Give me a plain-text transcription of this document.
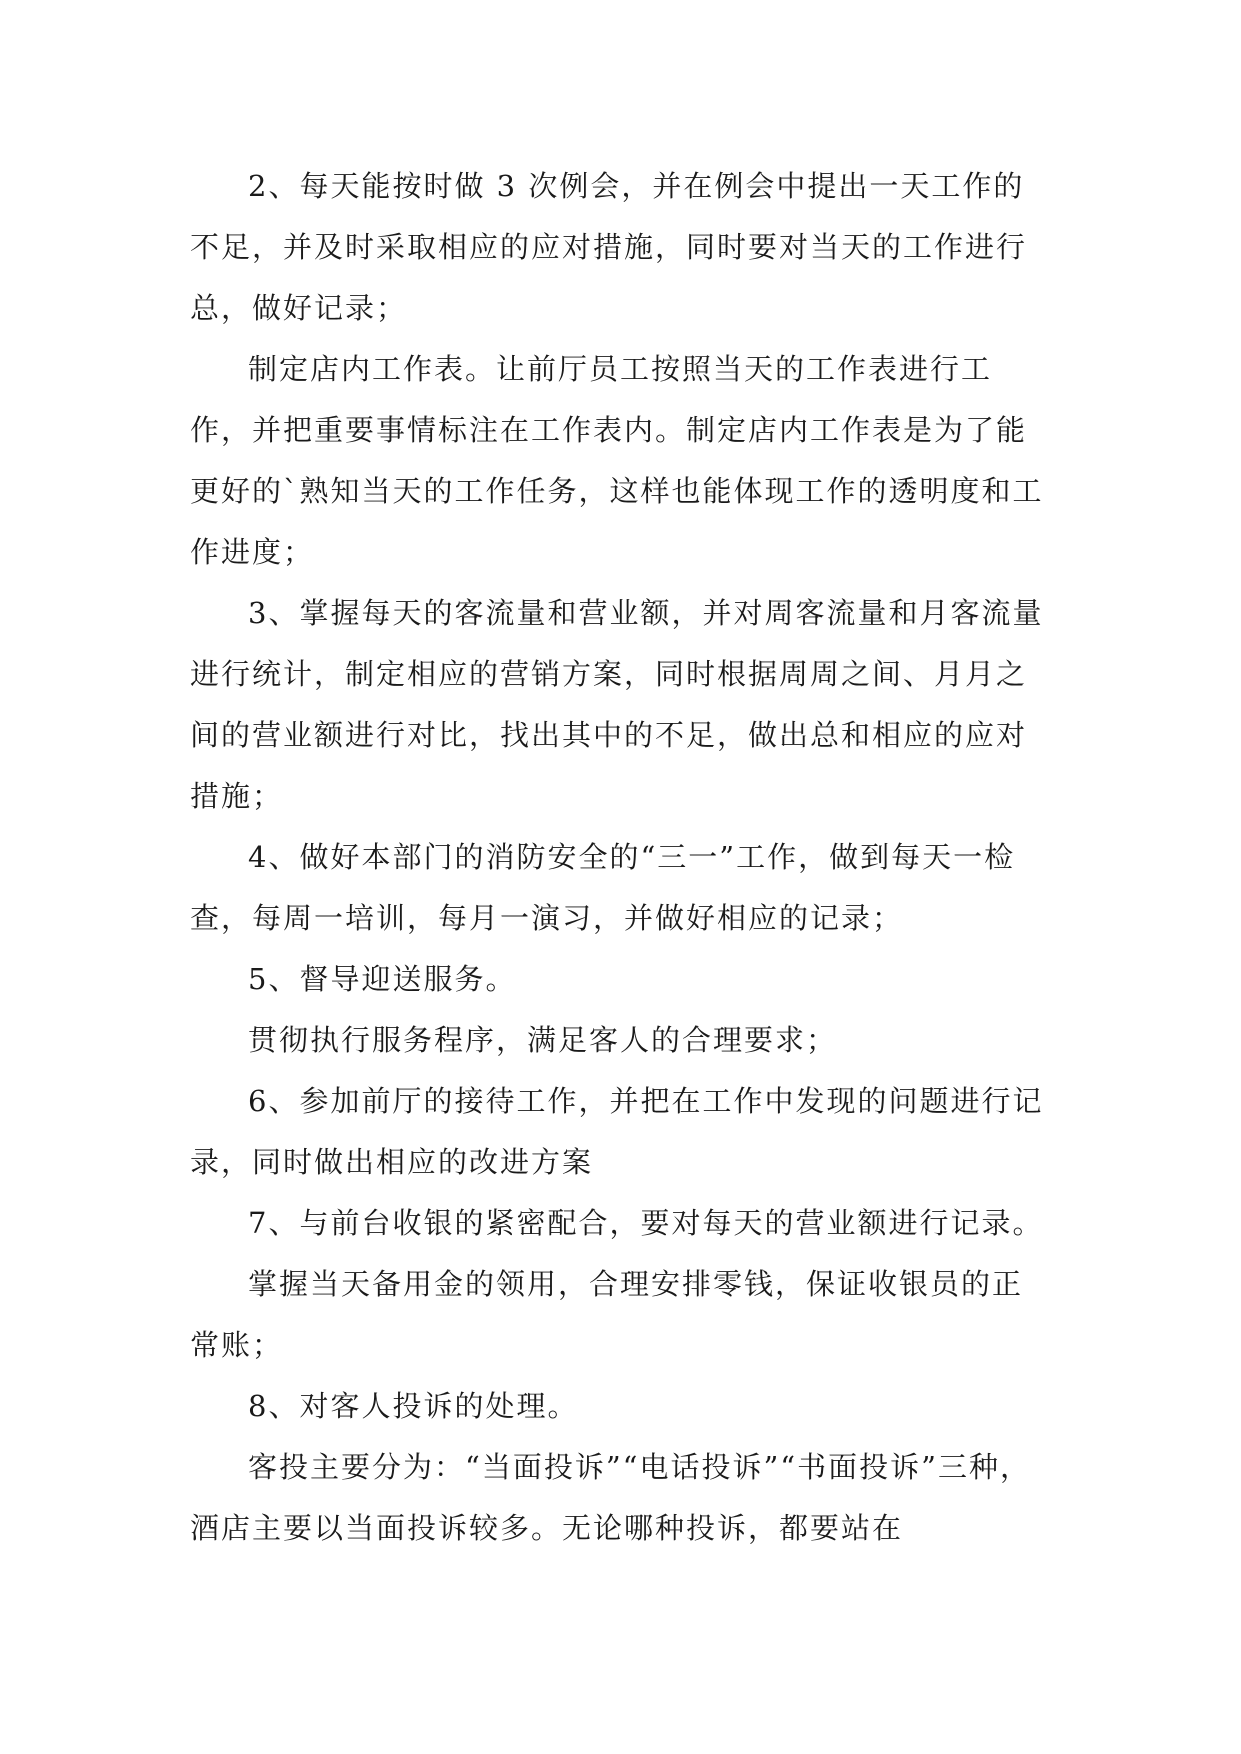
2、每天能按时做 3 次例会，并在例会中提出一天工作的不足，并及时采取相应的应对措施，同时要对当天的工作进行总，做好记录；

制定店内工作表。让前厅员工按照当天的工作表进行工作，并把重要事情标注在工作表内。制定店内工作表是为了能更好的`熟知当天的工作任务，这样也能体现工作的透明度和工作进度；

3、掌握每天的客流量和营业额，并对周客流量和月客流量进行统计，制定相应的营销方案，同时根据周周之间、月月之间的营业额进行对比，找出其中的不足，做出总和相应的应对措施；

4、做好本部门的消防安全的“三一”工作，做到每天一检查，每周一培训，每月一演习，并做好相应的记录；

5、督导迎送服务。

贯彻执行服务程序，满足客人的合理要求；

6、参加前厅的接待工作，并把在工作中发现的问题进行记录，同时做出相应的改进方案

7、与前台收银的紧密配合，要对每天的营业额进行记录。

掌握当天备用金的领用，合理安排零钱，保证收银员的正常账；

8、对客人投诉的处理。

客投主要分为：“当面投诉”“电话投诉”“书面投诉”三种，酒店主要以当面投诉较多。无论哪种投诉，都要站在
